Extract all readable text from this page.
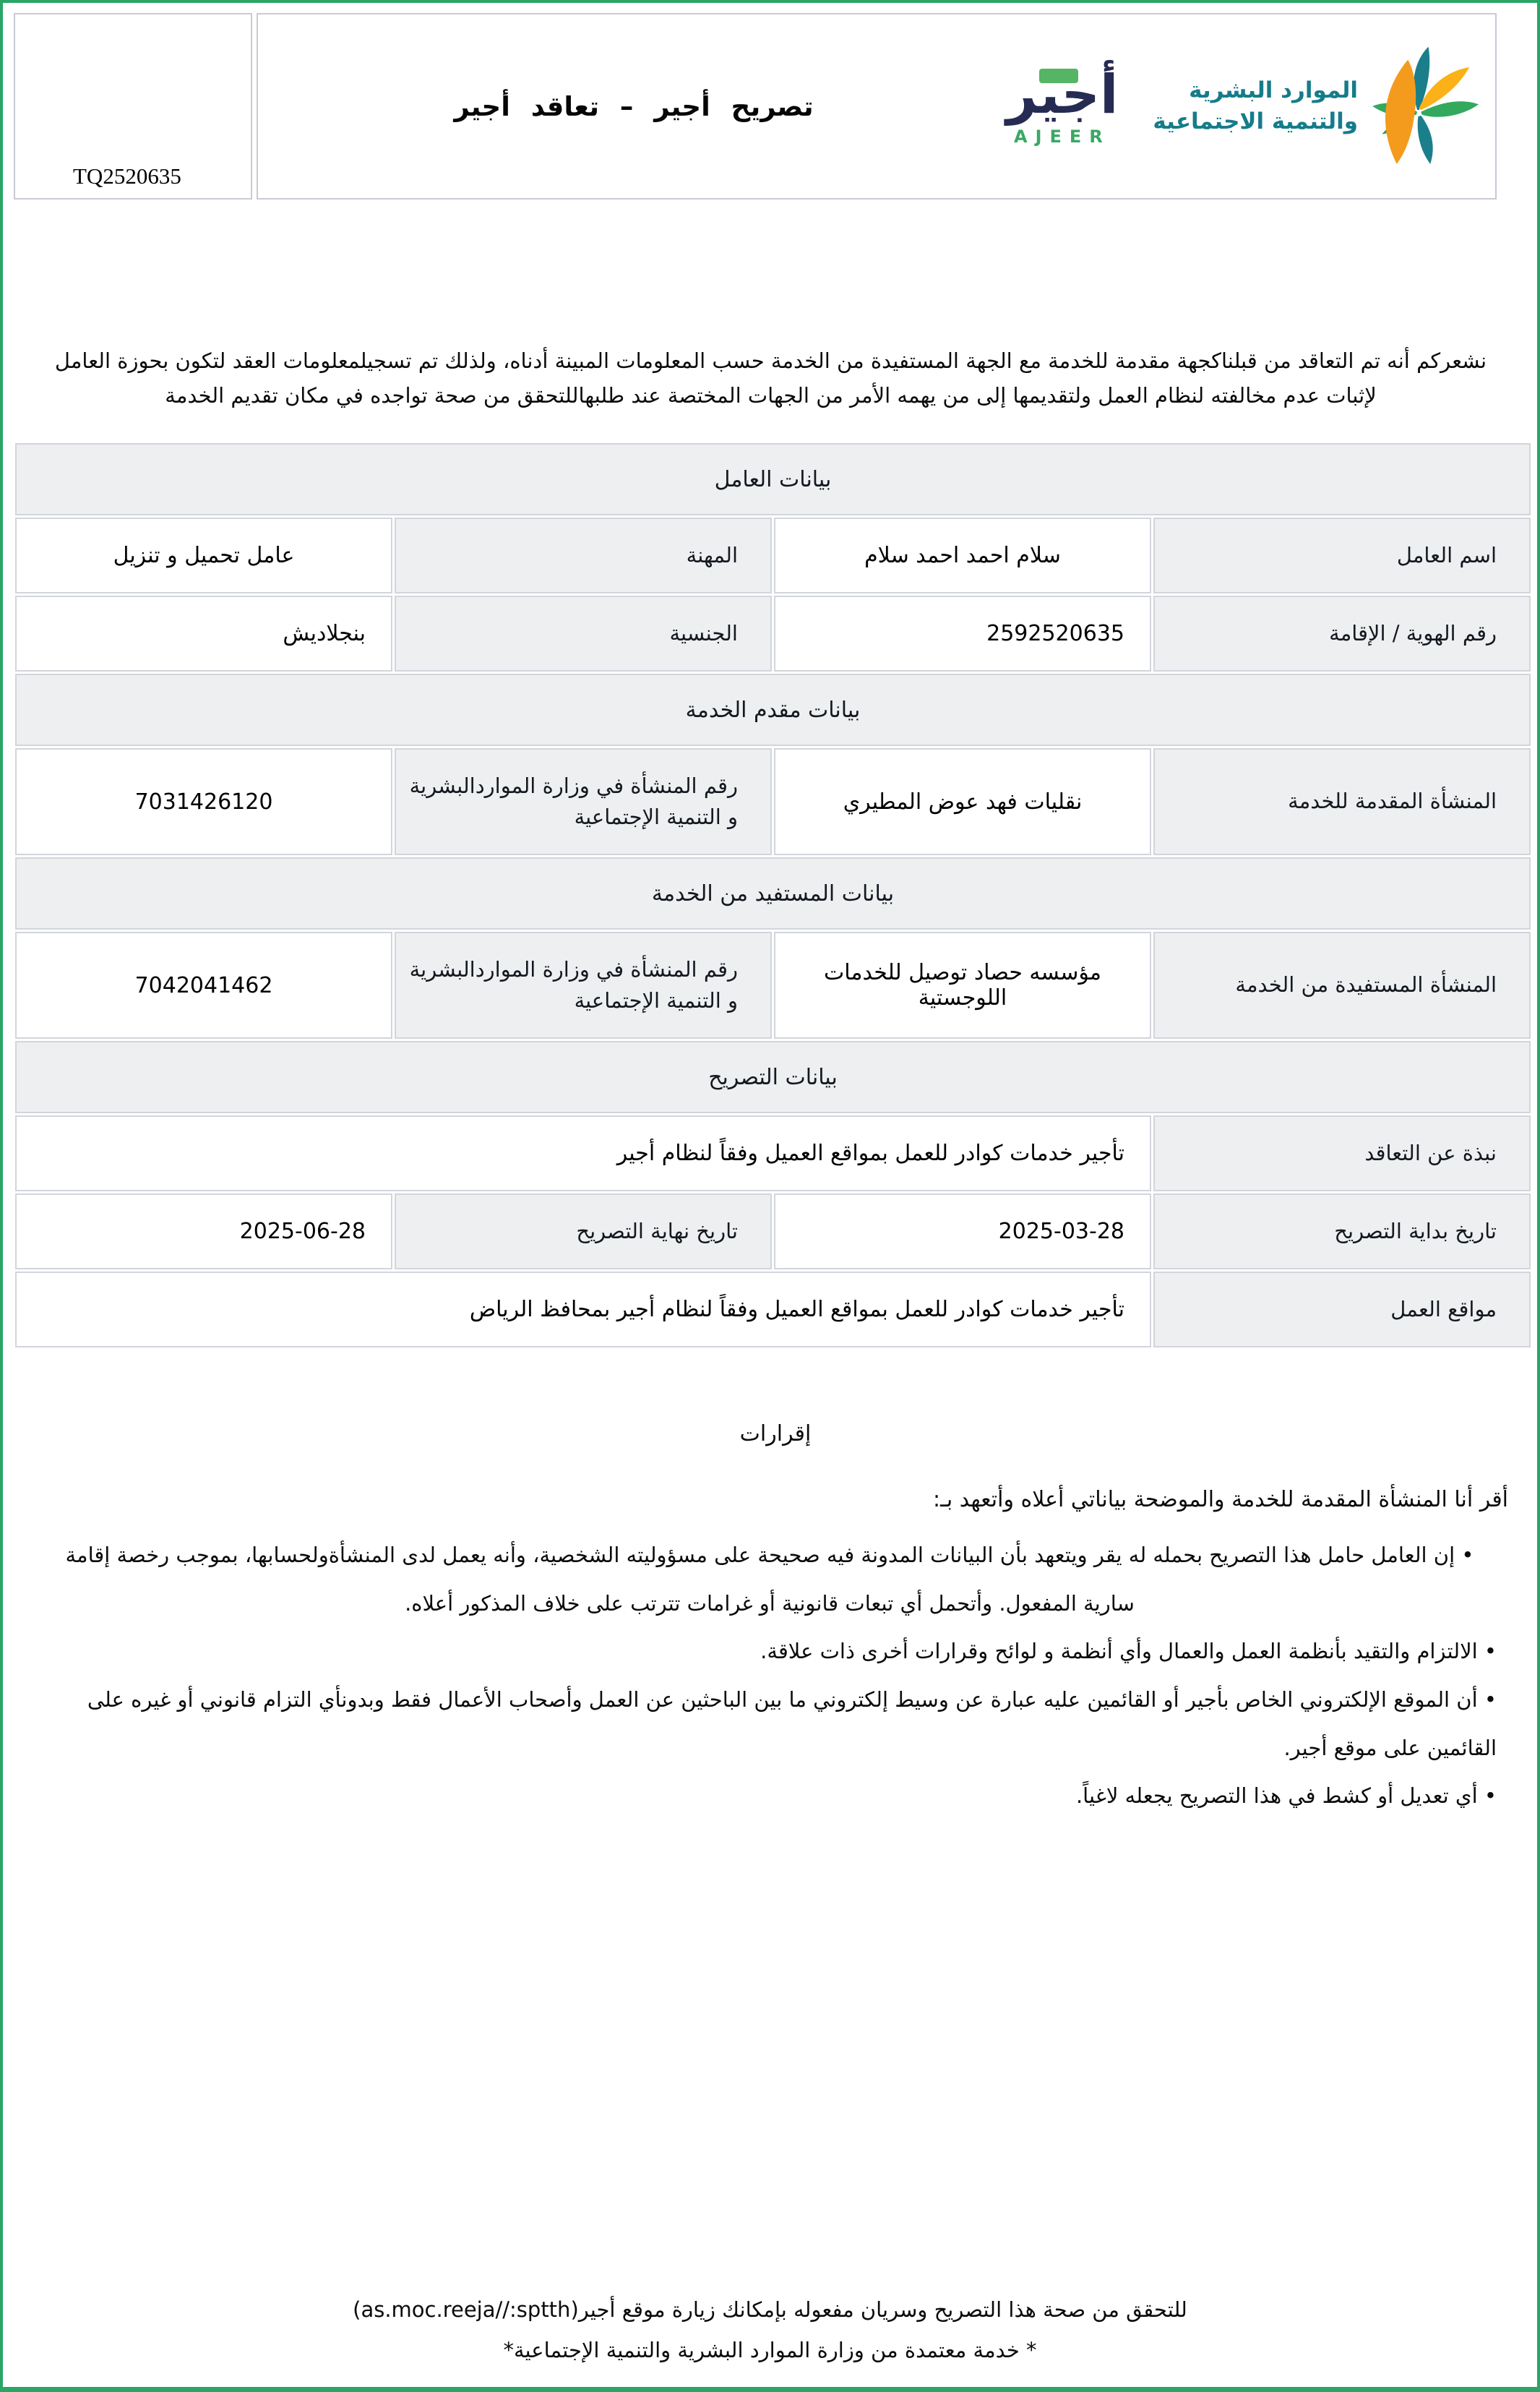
TQ2520635
تصريح أجير – تعاقد أجير	أجير
AJEER
الموارد البشرية
والتنمية الاجتماعية

نشعركم أنه تم التعاقد من قبلناكجهة مقدمة للخدمة مع الجهة المستفيدة من الخدمة حسب المعلومات المبينة أدناه، ولذلك تم تسجيلمعلومات العقد لتكون بحوزة العامل لإثبات عدم مخالفته لنظام العمل ولتقديمها إلى من يهمه الأمر من الجهات المختصة عند طلبهاللتحقق من صحة تواجده في مكان تقديم الخدمة

بيانات العامل			
اسم العامل	سلام احمد احمد سلام	المهنة	عامل تحميل و تنزيل
رقم الهوية / الإقامة	2592520635	الجنسية	بنجلاديش
بيانات مقدم الخدمة			
المنشأة المقدمة للخدمة	نقليات فهد عوض المطيري	رقم المنشأة في وزارة المواردالبشرية و التنمية الإجتماعية	7031426120
بيانات المستفيد من الخدمة			
المنشأة المستفيدة من الخدمة	مؤسسه حصاد توصيل للخدمات اللوجستية	رقم المنشأة في وزارة المواردالبشرية و التنمية الإجتماعية	7042041462
بيانات التصريح			
نبذة عن التعاقد	تأجير خدمات كوادر للعمل بمواقع العميل وفقاً لنظام أجير		
تاريخ بداية التصريح	2025-03-28	تاريخ نهاية التصريح	2025-06-28
مواقع العمل	تأجير خدمات كوادر للعمل بمواقع العميل وفقاً لنظام أجير بمحافظ الرياض		
إقرارات
أقر أنا المنشأة المقدمة للخدمة والموضحة بياناتي أعلاه وأتعهد بـ:
• إن العامل حامل هذا التصريح بحمله له يقر ويتعهد بأن البيانات المدونة فيه صحيحة على مسؤوليته الشخصية، وأنه يعمل لدى المنشأةولحسابها، بموجب رخصة إقامة سارية المفعول. وأتحمل أي تبعات قانونية أو غرامات تترتب على خلاف المذكور أعلاه.
• الالتزام والتقيد بأنظمة العمل والعمال وأي أنظمة و لوائح وقرارات أخرى ذات علاقة.
• أن الموقع الإلكتروني الخاص بأجير أو القائمين عليه عبارة عن وسيط إلكتروني ما بين الباحثين عن العمل وأصحاب الأعمال فقط وبدونأي التزام قانوني أو غيره على القائمين على موقع أجير.
• أي تعديل أو كشط في هذا التصريح يجعله لاغياً.
للتحقق من صحة هذا التصريح وسريان مفعوله بإمكانك زيارة موقع أجير(as.moc.reeja//:sptth)
* خدمة معتمدة من وزارة الموارد البشرية والتنمية الإجتماعية*
